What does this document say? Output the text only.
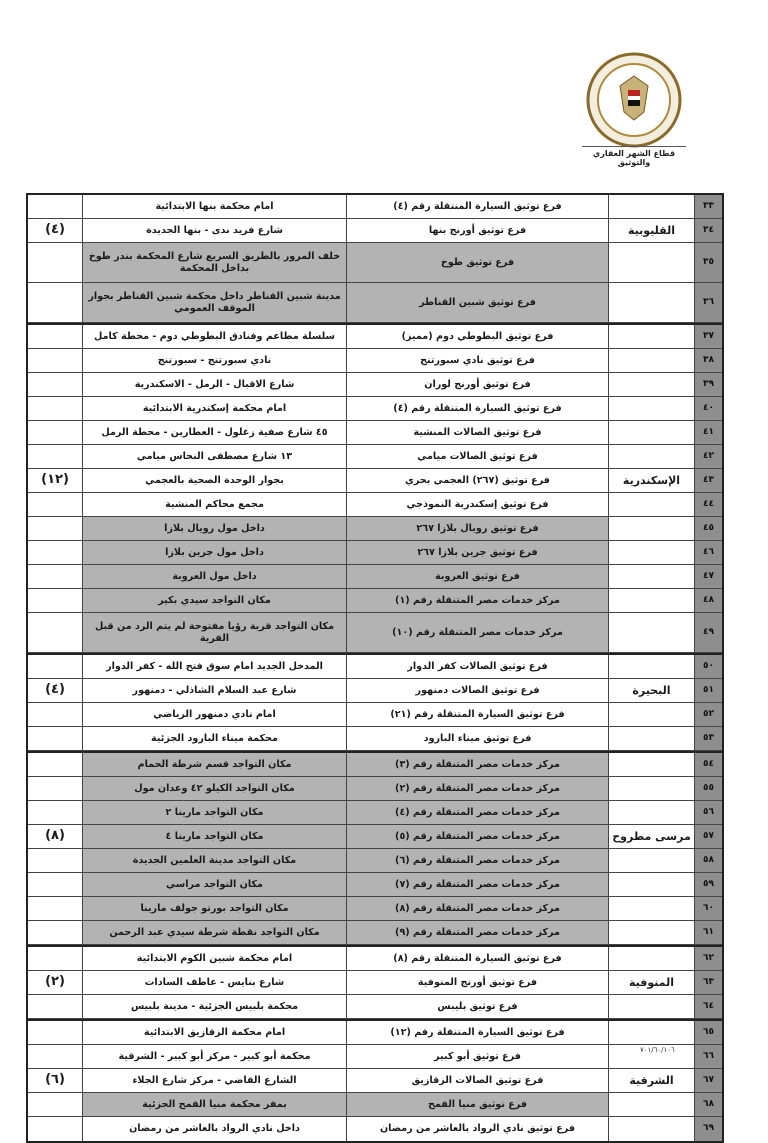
قطاع الشهر العقاري والتوثيق
٣٣
فرع توثيق السيارة المنتقلة رقم (٤)
امام محكمة بنها الابتدائية
٣٤
القليوبية
فرع توثيق أورنج بنها
شارع فريد ندى - بنها الجديدة
(٤)
٣٥
فرع توثيق طوخ
خلف المرور بالطريق السريع شارع المحكمة بندر طوخ بداخل المحكمة
٣٦
فرع توثيق شبين القناطر
مدينة شبين القناطر داخل محكمة شبين القناطر بجوار الموقف العمومي
٣٧
فرع توثيق البطوطي دوم (مميز)
سلسلة مطاعم وفنادق البطوطي دوم - محطة كامل
٣٨
فرع توثيق نادي سبورتنج
نادي سبورتنج - سبورتنج
٣٩
فرع توثيق أورنج لوران
شارع الاقبال - الرمل - الاسكندرية
٤٠
فرع توثيق السيارة المتنقلة رقم (٤)
امام محكمة إسكندرية الابتدائية
٤١
فرع توثيق الصالات المنشية
٤٥ شارع صفية زغلول - العطارين - محطة الرمل
٤٢
فرع توثيق الصالات ميامي
١٣ شارع مصطفى النحاس ميامي
٤٣
الإسكندرية
فرع توثيق (٢٦٧) العجمي بحري
بجوار الوحدة الصحية بالعجمي
(١٢)
٤٤
فرع توثيق إسكندرية النموذجي
مجمع محاكم المنشية
٤٥
فرع توثيق رويال بلازا ٢٦٧
داخل مول رويال بلازا
٤٦
فرع توثيق جرين بلازا ٢٦٧
داخل مول جرين بلازا
٤٧
فرع توثيق العروبة
داخل مول العروبة
٤٨
مركز خدمات مصر المتنقلة رقم (١)
مكان التواجد سيدي بكير
٤٩
مركز خدمات مصر المتنقلة رقم (١٠)
مكان التواجد قرية رؤيا مفتوحة لم يتم الرد من قبل القرية
٥٠
فرع توثيق الصالات كفر الدوار
المدخل الجديد امام سوق فتح الله - كفر الدوار
٥١
البحيرة
فرع توثيق الصالات دمنهور
شارع عبد السلام الشاذلي - دمنهور
(٤)
٥٢
فرع توثيق السيارة المتنقلة رقم (٢١)
امام نادي دمنهور الرياضي
٥٣
فرع توثيق ميناء البارود
محكمة ميناء البارود الجزئية
٥٤
مركز خدمات مصر المتنقلة رقم (٣)
مكان التواجد قسم شرطة الحمام
٥٥
مركز خدمات مصر المتنقلة رقم (٢)
مكان التواجد الكيلو ٤٢ وعدان مول
٥٦
مركز خدمات مصر المتنقلة رقم (٤)
مكان التواجد مارينا ٢
٥٧
مرسى مطروح
مركز خدمات مصر المتنقلة رقم (٥)
مكان التواجد مارينا ٤
(٨)
٥٨
مركز خدمات مصر المتنقلة رقم (٦)
مكان التواجد مدينة العلمين الجديدة
٥٩
مركز خدمات مصر المتنقلة رقم (٧)
مكان التواجد مراسي
٦٠
مركز خدمات مصر المتنقلة رقم (٨)
مكان التواجد بورتو جولف مارينا
٦١
مركز خدمات مصر المتنقلة رقم (٩)
مكان التواجد نقطة شرطة سيدي عبد الرحمن
٦٢
فرع توثيق السيارة المتنقلة رقم (٨)
امام محكمة شبين الكوم الابتدائية
٦٣
المنوفية
فرع توثيق أورنج المنوفية
شارع بنايس - عاطف السادات
(٢)
٦٤
فرع توثيق بليبس
محكمة بلبيس الجزئية - مدينة بلبيس
٦٥
فرع توثيق السيارة المتنقلة رقم (١٢)
امام محكمة الزقازيق الابتدائية
٦٦
فرع توثيق أبو كبير
محكمة أبو كبير - مركز أبو كبير - الشرقية
٦٧
الشرقية
فرع توثيق الصالات الزقازيق
الشارع القاضي - مركز شارع الجلاء
(٦)
٦٨
فرع توثيق منيا القمح
بمقر محكمة منيا القمح الجزئية
٦٩
فرع توثيق نادي الرواد بالعاشر من رمضان
داخل نادي الرواد بالعاشر من رمضان
٧٠١/٦٠/١٠٦
